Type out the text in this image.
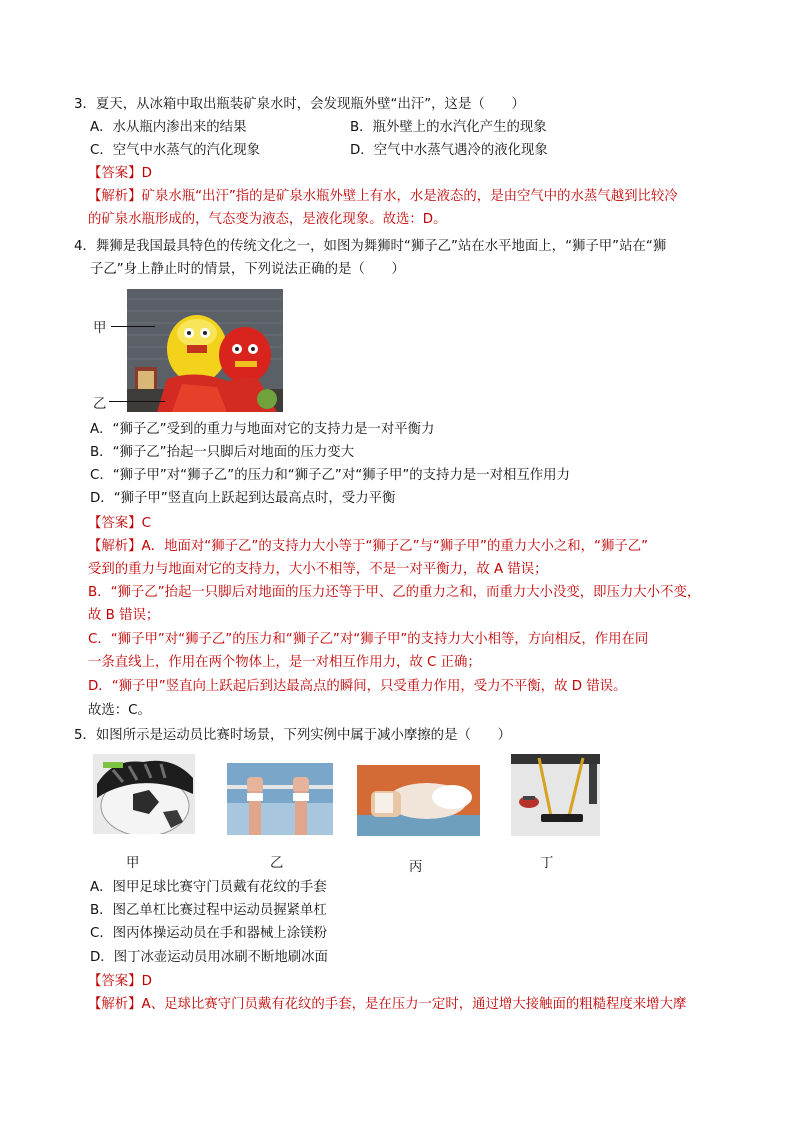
3．夏天，从冰箱中取出瓶装矿泉水时，会发现瓶外壁“出汗”，这是（　　）
A．水从瓶内渗出来的结果	B．瓶外壁上的水汽化产生的现象
C．空气中水蒸气的汽化现象	D．空气中水蒸气遇冷的液化现象
【答案】D
【解析】矿泉水瓶“出汗”指的是矿泉水瓶外壁上有水，水是液态的，是由空气中的水蒸气越到比较冷
的矿泉水瓶形成的，气态变为液态，是液化现象。故选：D。
4．舞狮是我国最具特色的传统文化之一，如图为舞狮时“狮子乙”站在水平地面上，“狮子甲”站在“狮
子乙”身上静止时的情景，下列说法正确的是（　　）
甲
乙
A．“狮子乙”受到的重力与地面对它的支持力是一对平衡力
B．“狮子乙”抬起一只脚后对地面的压力变大
C．“狮子甲”对“狮子乙”的压力和“狮子乙”对“狮子甲”的支持力是一对相互作用力
D．“狮子甲”竖直向上跃起到达最高点时，受力平衡
【答案】C
【解析】A．地面对“狮子乙”的支持力大小等于“狮子乙”与“狮子甲”的重力大小之和，“狮子乙”
受到的重力与地面对它的支持力，大小不相等，不是一对平衡力，故 A 错误；
B．“狮子乙”抬起一只脚后对地面的压力还等于甲、乙的重力之和，而重力大小没变，即压力大小不变，
故 B 错误；
C．“狮子甲”对“狮子乙”的压力和“狮子乙”对“狮子甲”的支持力大小相等，方向相反，作用在同
一条直线上，作用在两个物体上，是一对相互作用力，故 C 正确；
D．“狮子甲”竖直向上跃起后到达最高点的瞬间，只受重力作用，受力不平衡，故 D 错误。
故选：C。
5．如图所示是运动员比赛时场景，下列实例中属于减小摩擦的是（　　）
甲	乙	丙	丁
A．图甲足球比赛守门员戴有花纹的手套
B．图乙单杠比赛过程中运动员握紧单杠
C．图丙体操运动员在手和器械上涂镁粉
D．图丁冰壶运动员用冰刷不断地刷冰面
【答案】D
【解析】A、足球比赛守门员戴有花纹的手套，是在压力一定时，通过增大接触面的粗糙程度来增大摩
